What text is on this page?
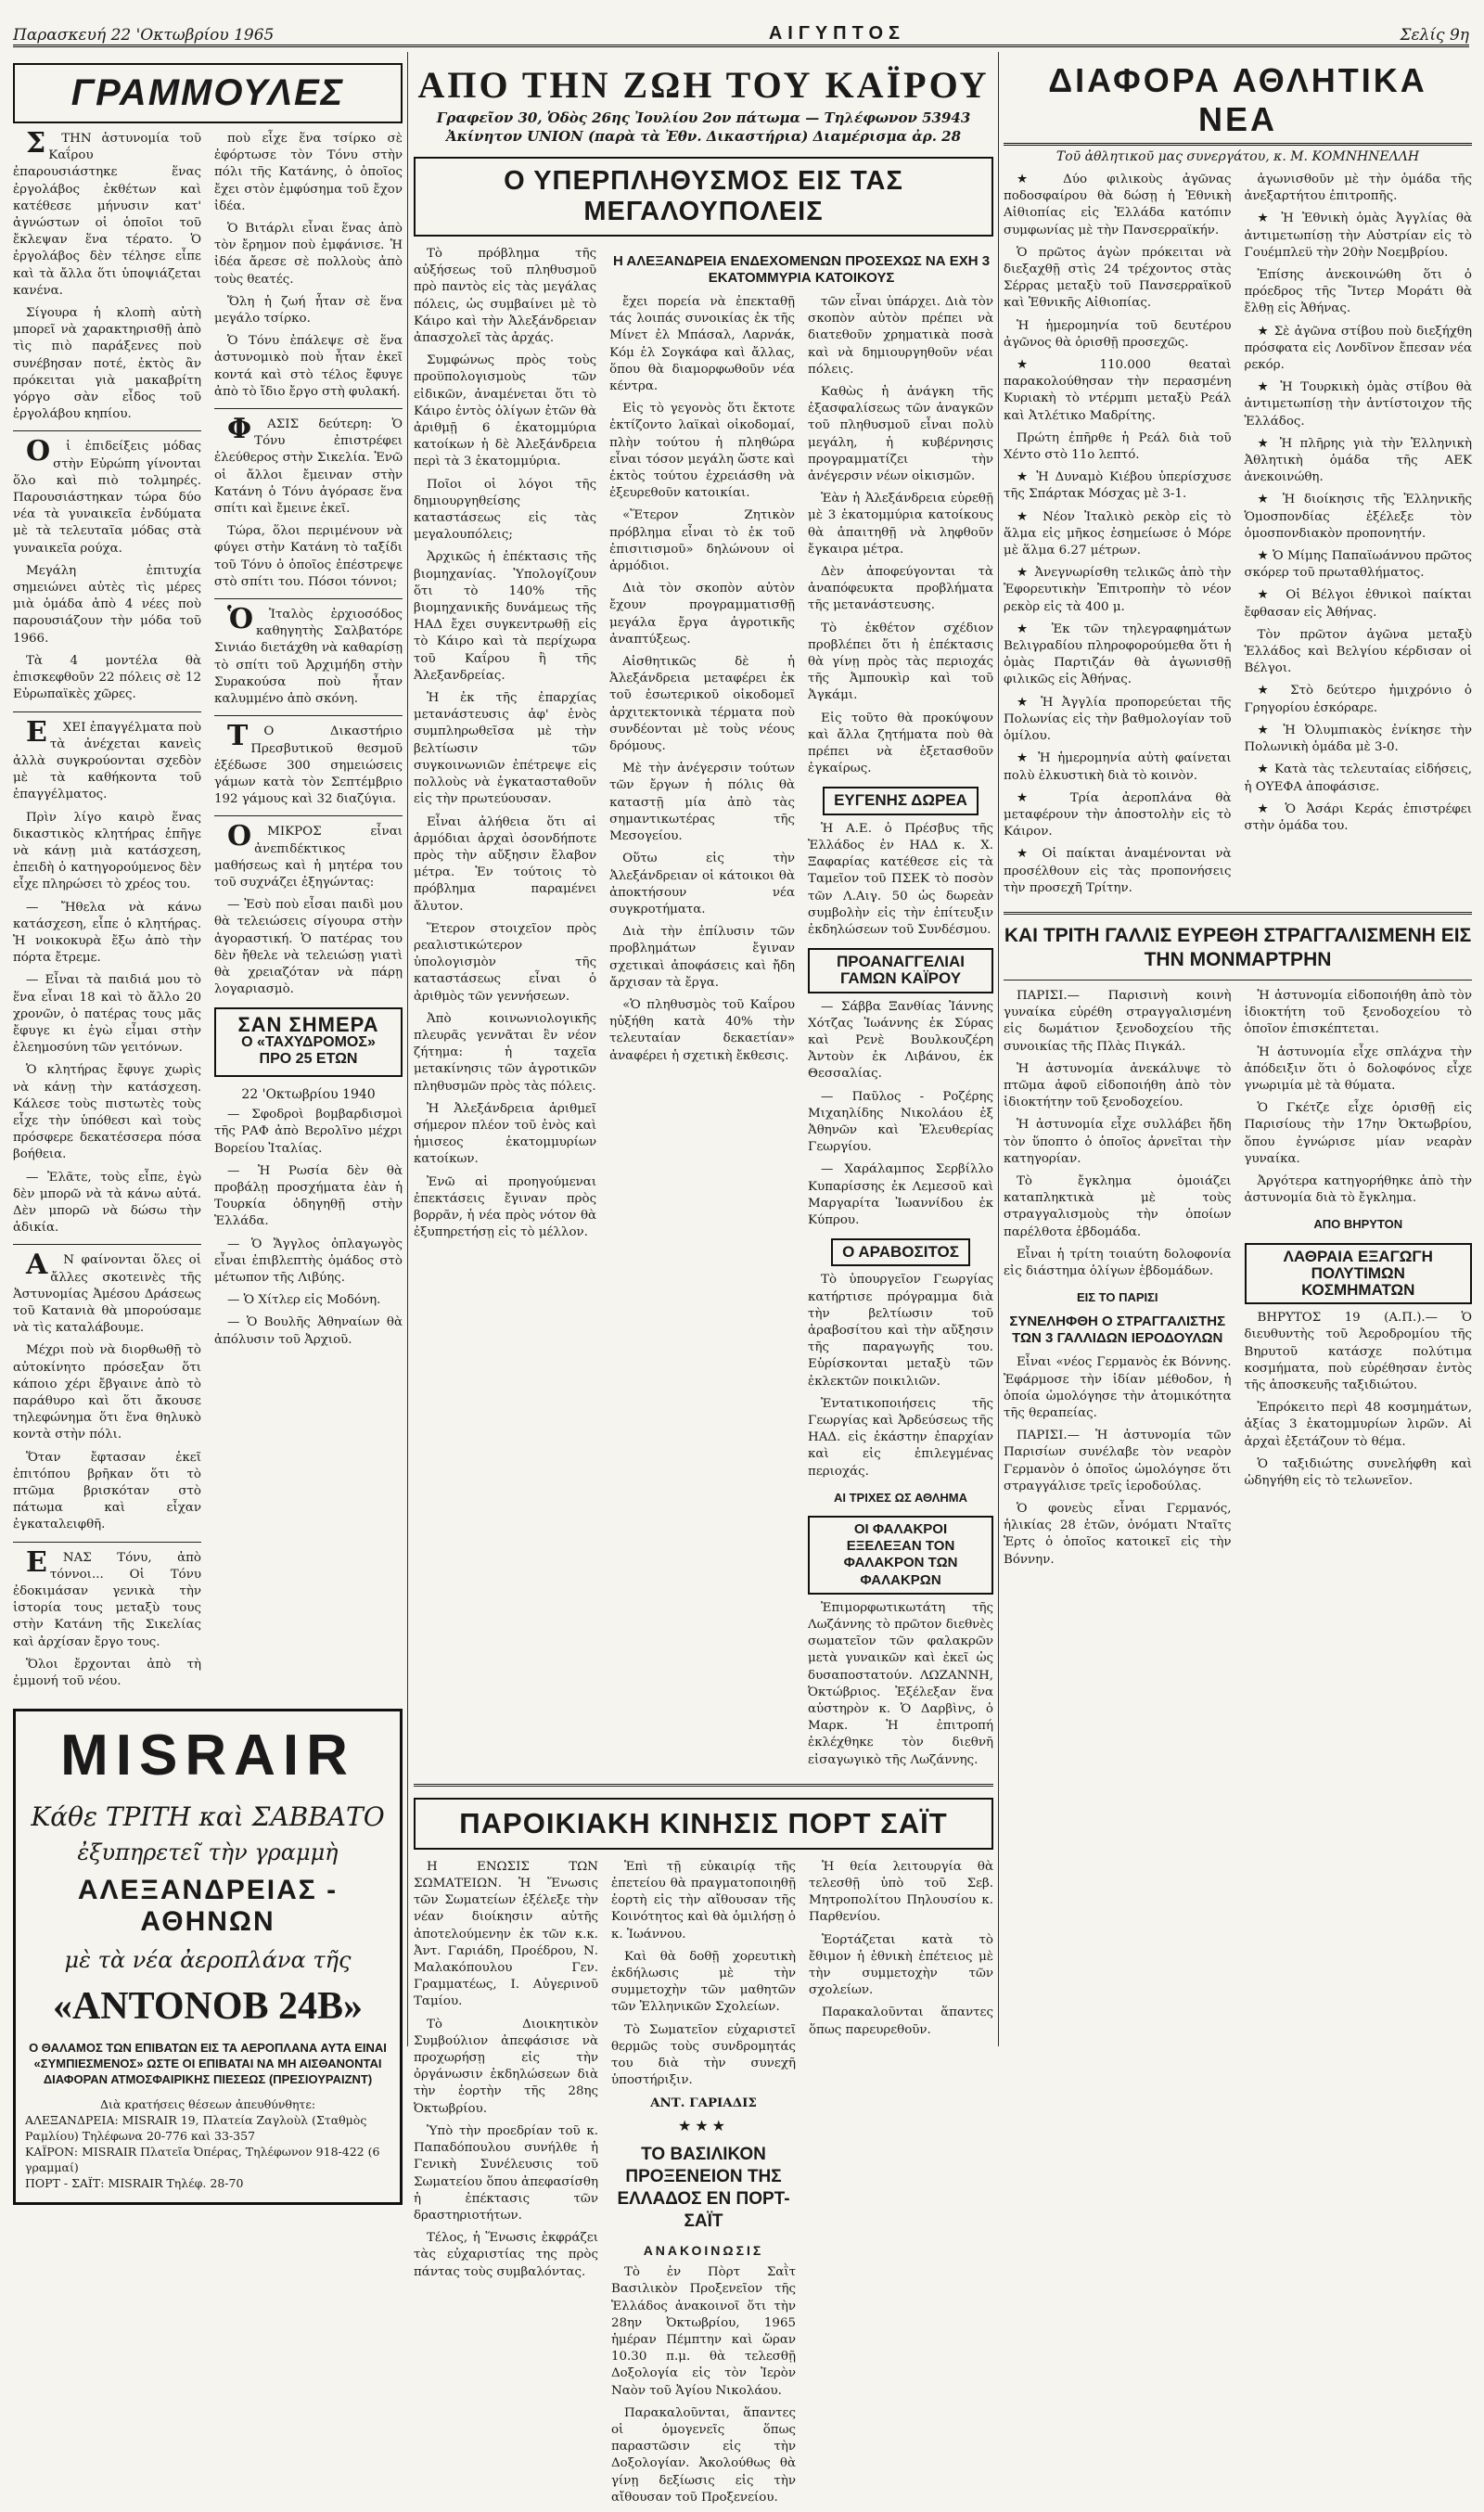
Παρασκευή 22 'Οκτωβρίου 1965	ΑΙΓΥΠΤΟΣ	Σελίς 9η
ΓΡΑΜΜΟΥΛΕΣ

ΣΤΗΝ ἀστυνομία τοῦ Καΐρου ἐπαρουσιάστηκε ἕνας ἐργολάβος ἐκθέτων καὶ κατέθεσε μήνυσιν κατ' ἀγνώστων οἱ ὁποῖοι τοῦ ἔκλεψαν ἕνα τέρατο. Ὁ ἐργολάβος δὲν τέλησε εἶπε καὶ τὰ ἄλλα ὅτι ὑποψιάζεται κανένα.

Σίγουρα ἡ κλοπὴ αὐτὴ μπορεῖ νὰ χαρακτηρισθῇ ἀπὸ τὶς πιὸ παράξενες ποὺ συνέβησαν ποτέ, ἐκτὸς ἂν πρόκειται γιὰ μακαβρίτη γόργο σὰν εἶδος τοῦ ἐργολάβου κηπίου.

Οἱ ἐπιδείξεις μόδας στὴν Εὐρώπη γίνονται ὅλο καὶ πιὸ τολμηρές. Παρουσιάστηκαν τώρα δύο νέα τὰ γυναικεῖα ἐνδύματα μὲ τὰ τελευταῖα μόδας στὰ γυναικεῖα ρούχα.

Μεγάλη ἐπιτυχία σημειώνει αὐτὲς τὶς μέρες μιὰ ὁμάδα ἀπὸ 4 νέες ποὺ παρουσιάζουν τὴν μόδα τοῦ 1966.

Τὰ 4 μοντέλα θὰ ἐπισκεφθοῦν 22 πόλεις σὲ 12 Εὐρωπαϊκὲς χῶρες.

ΕΧΕΙ ἐπαγγέλματα ποὺ τὰ ἀνέχεται κανεὶς ἀλλὰ συγκρούονται σχεδὸν μὲ τὰ καθήκοντα τοῦ ἐπαγγέλματος.

Πρὶν λίγο καιρὸ ἕνας δικαστικὸς κλητήρας ἐπῆγε νὰ κάνῃ μιὰ κατάσχεση, ἐπειδὴ ὁ κατηγορούμενος δὲν εἶχε πληρώσει τὸ χρέος του.

— Ἤθελα νὰ κάνω κατάσχεση, εἶπε ὁ κλητήρας. Ἡ νοικοκυρὰ ἔξω ἀπὸ τὴν πόρτα ἔτρεμε.

— Εἶναι τὰ παιδιά μου τὸ ἕνα εἶναι 18 καὶ τὸ ἄλλο 20 χρονῶν, ὁ πατέρας τους μᾶς ἔφυγε κι ἐγὼ εἶμαι στὴν ἐλεημοσύνη τῶν γειτόνων.

Ὁ κλητήρας ἔφυγε χωρὶς νὰ κάνῃ τὴν κατάσχεση. Κάλεσε τοὺς πιστωτὲς τοὺς εἶχε τὴν ὑπόθεσι καὶ τοὺς πρόσφερε δεκατέσσερα πόσα βοήθεια.

— Ἐλᾶτε, τοὺς εἶπε, ἐγὼ δὲν μπορῶ νὰ τὰ κάνω αὐτά. Δὲν μπορῶ νὰ δώσω τὴν ἀδικία.

ΑΝ φαίνονται ὅλες οἱ ἄλλες σκοτεινὲς τῆς Ἀστυνομίας Ἀμέσου Δράσεως τοῦ Κατανιὰ θὰ μπορούσαμε νὰ τὶς καταλάβουμε.

Μέχρι ποὺ νὰ διορθωθῇ τὸ αὐτοκίνητο πρόσεξαν ὅτι κάποιο χέρι ἔβγαινε ἀπὸ τὸ παράθυρο καὶ ὅτι ἄκουσε τηλεφώνημα ὅτι ἕνα θηλυκὸ κοντὰ στὴν πόλι.

Ὅταν ἔφτασαν ἐκεῖ ἐπιτόπου βρῆκαν ὅτι τὸ πτῶμα βρισκόταν στὸ πάτωμα καὶ εἶχαν ἐγκαταλειφθῆ.

ΕΝΑΣ Τόνυ, ἀπὸ τόννοι... Οἱ Τόνυ ἐδοκιμάσαν γενικὰ τὴν ἱστορία τους μεταξὺ τους στὴν Κατάνη τῆς Σικελίας καὶ ἀρχίσαν ἔργο τους.

Ὅλοι ἔρχονται ἀπὸ τὴ ἐμμονή τοῦ νέου.

ποὺ εἶχε ἕνα τσίρκο σὲ ἐφόρτωσε τὸν Τόνυ στὴν πόλι τῆς Κατάνης, ὁ ὁποῖος ἔχει στὸν ἐμφύσημα τοῦ ἔχον ἰδέα.

Ὁ Βιτάρλι εἶναι ἕνας ἀπὸ τὸν ἔρημον ποὺ ἐμφάνισε. Ἡ ἰδέα ἄρεσε σὲ πολλοὺς ἀπὸ τοὺς θεατές.

Ὅλη ἡ ζωή ἦταν σὲ ἕνα μεγάλο τσίρκο.

Ὁ Τόνυ ἐπάλεψε σὲ ἕνα ἀστυνομικὸ ποὺ ἦταν ἐκεῖ κοντά καὶ στὸ τέλος ἔφυγε ἀπὸ τὸ ἴδιο ἔργο στὴ φυλακή.

ΦΑΣΙΣ δεύτερη: Ὁ Τόνυ ἐπιστρέφει ἐλεύθερος στὴν Σικελία. Ἐνῶ οἱ ἄλλοι ἔμειναν στὴν Κατάνη ὁ Τόνυ ἀγόρασε ἕνα σπίτι καὶ ἔμεινε ἐκεῖ.

Τώρα, ὅλοι περιμένουν νὰ φύγει στὴν Κατάνη τὸ ταξίδι τοῦ Τόνυ ὁ ὁποῖος ἐπέστρεψε στὸ σπίτι του. Πόσοι τόννοι;

ὉἸταλὸς ἐρχιοσόδος καθηγητὴς Σαλβατόρε Σινιάο διετάχθη νὰ καθαρίσῃ τὸ σπίτι τοῦ Ἀρχιμήδη στὴν Συρακούσα ποὺ ἦταν καλυμμένο ἀπὸ σκόνη.

ΤΟ Δικαστήριο Πρεσβυτικοῦ θεσμοῦ ἐξέδωσε 300 σημειώσεις γάμων κατὰ τὸν Σεπτέμβριο 192 γάμους καὶ 32 διαζύγια.

ΟΜΙΚΡΟΣ εἶναι ἀνεπιδέκτικος μαθήσεως καὶ ἡ μητέρα του τοῦ συχνάζει ἐξηγώντας:

— Ἐσὺ ποὺ εἶσαι παιδὶ μου θὰ τελειώσεις σίγουρα στὴν ἁγοραστική. Ὁ πατέρας του δὲν ἤθελε νὰ τελειώσῃ γιατὶ θὰ χρειαζόταν νὰ πάρῃ λογαριασμὸ.

ΣΑΝ ΣΗΜΕΡΑ
Ο «ΤΑΧΥΔΡΟΜΟΣ» ΠΡΟ 25 ΕΤΩΝ
22 'Οκτωβρίου 1940

— Σφοδροὶ βομβαρδισμοὶ τῆς ΡΑΦ ἀπὸ Βερολῖνο μέχρι Βορείου Ἰταλίας.

— Ἡ Ρωσία δὲν θὰ προβάλῃ προσχήματα ἐὰν ἡ Τουρκία ὁδηγηθῇ στὴν Ἑλλάδα.

— Ὁ Ἄγγλος ὀπλαγωγὸς εἶναι ἐπιβλεπτὴς ὁμάδος στὸ μέτωπον τῆς Λιβύης.

— Ὁ Χίτλερ εἰς Μοδόνη.

— Ὁ Βουλῆς Ἀθηναίων θὰ ἀπόλυσιν τοῦ Ἀρχιοῦ.

MISRAIR
Κάθε ΤΡΙΤΗ καὶ ΣΑΒΒΑΤΟ
ἐξυπηρετεῖ τὴν γραμμὴ
ΑΛΕΞΑΝΔΡΕΙΑΣ - ΑΘΗΝΩΝ
μὲ τὰ νέα ἀεροπλάνα τῆς
«ΑΝΤΟΝΟΒ 24Β»
Ο ΘΑΛΑΜΟΣ ΤΩΝ ΕΠΙΒΑΤΩΝ ΕΙΣ ΤΑ ΑΕΡΟΠΛΑΝΑ ΑΥΤΑ ΕΙΝΑΙ «ΣΥΜΠΙΕΣΜΕΝΟΣ» ΩΣΤΕ ΟΙ ΕΠΙΒΑΤΑΙ ΝΑ ΜΗ ΑΙΣΘΑΝΟΝΤΑΙ ΔΙΑΦΟΡΑΝ ΑΤΜΟΣΦΑΙΡΙΚΗΣ ΠΙΕΣΕΩΣ (ΠΡΕΣΙΟΥΡΑΙΖΝΤ)
Διὰ κρατήσεις θέσεων ἀπευθύνθητε:
ΑΛΕΞΑΝΔΡΕΙΑ: MISRAIR 19, Πλατεία Ζαγλοὺλ (Σταθμὸς Ραμλίου) Τηλέφωνα 20-776 καὶ 33-357
ΚΑΪΡΟΝ: MISRAIR Πλατεῖα Ὀπέρας, Τηλέφωνον 918-422 (6 γραμμαί)
ΠΟΡΤ - ΣΑΪΤ: MISRAIR Τηλέφ. 28-70
ΑΠΟ ΤΗΝ ΖΩΗ ΤΟΥ ΚΑΪΡΟΥ
Γραφεῖον 30, Ὁδὸς 26ης Ἰουλίου 2ον πάτωμα — Τηλέφωνον 53943
Ἀκίνητον UNION (παρὰ τὰ Ἐθν. Δικαστήρια) Διαμέρισμα ἀρ. 28
Ο ΥΠΕΡΠΛΗΘΥΣΜΟΣ ΕΙΣ ΤΑΣ ΜΕΓΑΛΟΥΠΟΛΕΙΣ

Τὸ πρόβλημα τῆς αὐξήσεως τοῦ πληθυσμοῦ πρὸ παντὸς εἰς τὰς μεγάλας πόλεις, ὡς συμβαίνει μὲ τὸ Κάιρο καὶ τὴν Ἀλεξάνδρειαν ἀπασχολεῖ τὰς ἀρχάς.

Συμφώνως πρὸς τοὺς προϋπολογισμοὺς τῶν εἰδικῶν, ἀναμένεται ὅτι τὸ Κάιρο ἐντὸς ὀλίγων ἐτῶν θὰ ἀριθμῇ 6 ἑκατομμύρια κατοίκων ἡ δὲ Ἀλεξάνδρεια περὶ τὰ 3 ἑκατομμύρια.

Ποῖοι οἱ λόγοι τῆς δημιουργηθείσης καταστάσεως εἰς τὰς μεγαλουπόλεις;

Ἀρχικῶς ἡ ἐπέκτασις τῆς βιομηχανίας. Ὑπολογίζουν ὅτι τὸ 140% τῆς βιομηχανικῆς δυνάμεως τῆς ΗΑΔ ἔχει συγκεντρωθῇ εἰς τὸ Κάιρο καὶ τὰ περίχωρα τοῦ Καΐρου ἢ τῆς Ἀλεξανδρείας.

Ἡ ἐκ τῆς ἐπαρχίας μετανάστευσις ἀφ' ἑνὸς συμπληρωθεῖσα μὲ τὴν βελτίωσιν τῶν συγκοινωνιῶν ἐπέτρεψε εἰς πολλοὺς νὰ ἐγκατασταθοῦν εἰς τὴν πρωτεύουσαν.

Εἶναι ἀλήθεια ὅτι αἱ ἁρμόδιαι ἀρχαὶ ὁσονδήποτε πρὸς τὴν αὔξησιν ἔλαβον μέτρα. Ἐν τούτοις τὸ πρόβλημα παραμένει ἄλυτον.

Ἕτερον στοιχεῖον πρὸς ρεαλιστικώτερον ὑπολογισμὸν τῆς καταστάσεως εἶναι ὁ ἀριθμὸς τῶν γεννήσεων.

Ἀπὸ κοινωνιολογικῆς πλευρᾶς γεννᾶται ἓν νέον ζήτημα: ἡ ταχεῖα μετακίνησις τῶν ἀγροτικῶν πληθυσμῶν πρὸς τὰς πόλεις.

Ἡ Ἀλεξάνδρεια ἀριθμεῖ σήμερον πλέον τοῦ ἑνὸς καὶ ἡμισεος ἑκατομμυρίων κατοίκων.

Ἐνῶ αἱ προηγούμεναι ἐπεκτάσεις ἔγιναν πρὸς βορρᾶν, ἡ νέα πρὸς νότον θὰ ἐξυπηρετήσῃ εἰς τὸ μέλλον.

Η ΑΛΕΞΑΝΔΡΕΙΑ ΕΝΔΕΧΟΜΕΝΩΝ ΠΡΟΣΕΧΩΣ ΝΑ ΕΧΗ 3 ΕΚΑΤΟΜΜΥΡΙΑ ΚΑΤΟΙΚΟΥΣ

ἔχει πορεία νὰ ἐπεκταθῇ τάς λοιπάς συνοικίας ἐκ τῆς Μίνετ ἐλ Μπάσαλ, Λαρνάκ, Κόμ ἐλ Σογκάφα καὶ ἄλλας, ὅπου θὰ διαμορφωθοῦν νέα κέντρα.

Εἰς τὸ γεγονὸς ὅτι ἔκτοτε ἐκτίζοντο λαϊκαὶ οἰκοδομαί, πλὴν τούτου ἡ πληθώρα εἶναι τόσον μεγάλη ὥστε καὶ ἐκτὸς τούτου ἐχρειάσθη νὰ ἐξευρεθοῦν κατοικίαι.

«Ἕτερον Ζητικὸν πρόβλημα εἶναι τὸ ἐκ τοῦ ἐπισιτισμοῦ» δηλώνουν οἱ ἁρμόδιοι.

Διὰ τὸν σκοπὸν αὐτὸν ἔχουν προγραμματισθῇ μεγάλα ἔργα ἀγροτικῆς ἀναπτύξεως.

Αἰσθητικῶς δὲ ἡ Ἀλεξάνδρεια μεταφέρει ἐκ τοῦ ἐσωτερικοῦ οἰκοδομεῖ ἀρχιτεκτονικὰ τέρματα ποὺ συνδέονται μὲ τοὺς νέους δρόμους.

Μὲ τὴν ἀνέγερσιν τούτων τῶν ἔργων ἡ πόλις θὰ καταστῇ μία ἀπὸ τὰς σημαντικωτέρας τῆς Μεσογείου.

Οὕτω εἰς τὴν Ἀλεξάνδρειαν οἱ κάτοικοι θὰ ἀποκτήσουν νέα συγκροτήματα.

Διὰ τὴν ἐπίλυσιν τῶν προβλημάτων ἔγιναν σχετικαὶ ἀποφάσεις καὶ ἤδη ἄρχισαν τὰ ἔργα.

«Ὁ πληθυσμὸς τοῦ Καΐρου ηὐξήθη κατὰ 40% τὴν τελευταίαν δεκαετίαν» ἀναφέρει ἡ σχετικὴ ἔκθεσις.

τῶν εἶναι ὑπάρχει. Διὰ τὸν σκοπὸν αὐτὸν πρέπει νὰ διατεθοῦν χρηματικὰ ποσὰ καὶ νὰ δημιουργηθοῦν νέαι πόλεις.

Καθὼς ἡ ἀνάγκη τῆς ἐξασφαλίσεως τῶν ἀναγκῶν τοῦ πληθυσμοῦ εἶναι πολὺ μεγάλη, ἡ κυβέρνησις προγραμματίζει τὴν ἀνέγερσιν νέων οἰκισμῶν.

Ἐὰν ἡ Ἀλεξάνδρεια εὑρεθῇ μὲ 3 ἑκατομμύρια κατοίκους θὰ ἀπαιτηθῇ νὰ ληφθοῦν ἔγκαιρα μέτρα.

Δὲν ἀποφεύγονται τὰ ἀναπόφευκτα προβλήματα τῆς μετανάστευσης.

Τὸ ἐκθέτον σχέδιον προβλέπει ὅτι ἡ ἐπέκτασις θὰ γίνῃ πρὸς τὰς περιοχάς τῆς Ἀμπουκὶρ καὶ τοῦ Ἀγκάμι.

Εἰς τοῦτο θὰ προκύψουν καὶ ἄλλα ζητήματα ποὺ θὰ πρέπει νὰ ἐξετασθοῦν ἐγκαίρως.

ΕΥΓΕΝΗΣ ΔΩΡΕΑ

Ἡ Α.Ε. ὁ Πρέσβυς τῆς Ἑλλάδος ἐν ΗΑΔ κ. Χ. Ξαφαρίας κατέθεσε εἰς τὰ Ταμεῖον τοῦ ΠΣΕΚ τὸ ποσὸν τῶν Λ.Αιγ. 50 ὡς δωρεὰν συμβολὴν εἰς τὴν ἐπίτευξιν ἐκδηλώσεων τοῦ Συνδέσμου.

ΠΡΟΑΝΑΓΓΕΛΙΑΙ ΓΑΜΩΝ ΚΑΪΡΟΥ

— Σάββα Ξανθίας Ἰάννης Χότζας Ἰωάννης ἐκ Σύρας καὶ Ρενὲ Βουλκουζέρη Ἀντοὺν ἐκ Λιβάνου, ἐκ Θεσσαλίας.

— Παῦλος - Ροζέρης Μιχαηλίδης Νικολάου ἐξ Ἀθηνῶν καὶ Ἐλευθερίας Γεωργίου.

— Χαράλαμπος Σερβίλλο Κυπαρίσσης ἐκ Λεμεσοῦ καὶ Μαργαρίτα Ἰωαννίδου ἐκ Κύπρου.

Ο ΑΡΑΒΟΣΙΤΟΣ

Τὸ ὑπουργεῖον Γεωργίας κατήρτισε πρόγραμμα διὰ τὴν βελτίωσιν τοῦ ἀραβοσίτου καὶ τὴν αὔξησιν τῆς παραγωγῆς του. Εὑρίσκονται μεταξὺ τῶν ἐκλεκτῶν ποικιλιῶν.

Ἐντατικοποιήσεις τῆς Γεωργίας καὶ Ἀρδεύσεως τῆς ΗΑΔ. εἰς ἑκάστην ἐπαρχίαν καὶ εἰς ἐπιλεγμένας περιοχάς.

ΑΙ ΤΡΙΧΕΣ ΩΣ ΑΘΛΗΜΑ
ΟΙ ΦΑΛΑΚΡΟΙ ΕΞΕΛΕΞΑΝ ΤΟΝ ΦΑΛΑΚΡΟΝ ΤΩΝ ΦΑΛΑΚΡΩΝ

Ἐπιμορφωτικωτάτη τῆς Λωζάννης τὸ πρῶτον διεθνὲς σωματεῖον τῶν φαλακρῶν μετὰ γυναικῶν καὶ ἐκεῖ ὡς δυσαποστατούν. ΛΩΖΑΝΝΗ, Ὀκτώβριος. Ἐξέλεξαν ἕνα αὐστηρὸν κ. Ὁ Δαρβὶνς, ὁ Μαρκ. Ἡ ἐπιτροπή ἐκλέχθηκε τὸν διεθνῆ εἰσαγωγικὸ τῆς Λωζάννης.

ΠΑΡΟΙΚΙΑΚΗ ΚΙΝΗΣΙΣ ΠΟΡΤ ΣΑΪΤ

Η ΕΝΩΣΙΣ ΤΩΝ ΣΩΜΑΤΕΙΩΝ. Ἡ Ἕνωσις τῶν Σωματείων ἐξέλεξε τὴν νέαν διοίκησιν αὐτῆς ἀποτελούμενην ἐκ τῶν κ.κ. Ἀντ. Γαριάδη, Προέδρου, Ν. Μαλακόπουλου Γεν. Γραμματέως, Ι. Αὐγερινοῦ Ταμίου.

Τὸ Διοικητικὸν Συμβούλιον ἀπεφάσισε νὰ προχωρήσῃ εἰς τὴν ὀργάνωσιν ἐκδηλώσεων διὰ τὴν ἐορτὴν τῆς 28ης Ὀκτωβρίου.

Ὑπὸ τὴν προεδρίαν τοῦ κ. Παπαδόπουλου συνήλθε ἡ Γενικὴ Συνέλευσις τοῦ Σωματείου ὅπου ἀπεφασίσθη ἡ ἐπέκτασις τῶν δραστηριοτήτων.

Τέλος, ἡ Ἕνωσις ἐκφράζει τὰς εὐχαριστίας της πρὸς πάντας τοὺς συμβαλόντας.

Ἐπὶ τῇ εὐκαιρίᾳ τῆς ἐπετείου θὰ πραγματοποιηθῇ ἑορτὴ εἰς τὴν αἴθουσαν τῆς Κοινότητος καὶ θὰ ὁμιλήσῃ ὁ κ. Ἰωάννου.

Καὶ θὰ δοθῇ χορευτικὴ ἐκδήλωσις μὲ τὴν συμμετοχὴν τῶν μαθητῶν τῶν Ἑλληνικῶν Σχολείων.

Τὸ Σωματεῖον εὐχαριστεῖ θερμῶς τοὺς συνδρομητάς του διὰ τὴν συνεχῆ ὑποστήριξιν.

ΑΝΤ. ΓΑΡΙΑΔΙΣ
★★★
ΤΟ ΒΑΣΙΛΙΚΟΝ ΠΡΟΞΕΝΕΙΟΝ ΤΗΣ ΕΛΛΑΔΟΣ ΕΝ ΠΟΡΤ-ΣΑΪΤ
ΑΝΑΚΟΙΝΩΣΙΣ

Τὸ ἐν Πὸρτ Σαῒτ Βασιλικὸν Προξενεῖον τῆς Ἑλλάδος ἀνακοινοῖ ὅτι τὴν 28ην Ὀκτωβρίου, 1965 ἡμέραν Πέμπτην καὶ ὥραν 10.30 π.μ. θὰ τελεσθῇ Δοξολογία εἰς τὸν Ἱερὸν Ναὸν τοῦ Ἁγίου Νικολάου.

Παρακαλοῦνται, ἅπαντες οἱ ὁμογενεῖς ὅπως παραστῶσιν εἰς τὴν Δοξολογίαν. Ἀκολούθως θὰ γίνῃ δεξίωσις εἰς τὴν αἴθουσαν τοῦ Προξενείου.

Ἡ θεία λειτουργία θὰ τελεσθῇ ὑπὸ τοῦ Σεβ. Μητροπολίτου Πηλουσίου κ. Παρθενίου.

Ἑορτάζεται κατὰ τὸ ἔθιμον ἡ ἐθνικὴ ἐπέτειος μὲ τὴν συμμετοχὴν τῶν σχολείων.

Παρακαλοῦνται ἅπαντες ὅπως παρευρεθοῦν.

ΔΙΑΦΟΡΑ ΑΘΛΗΤΙΚΑ ΝΕΑ
Τοῦ ἀθλητικοῦ μας συνεργάτου, κ. Μ. ΚΟΜΝΗΝΕΛΛΗ

★ Δύο φιλικοὺς ἀγῶνας ποδοσφαίρου θὰ δώσῃ ἡ Ἐθνικὴ Αἰθιοπίας εἰς Ἑλλάδα κατόπιν συμφωνίας μὲ τὴν Πανσερραϊκήν.

Ὁ πρῶτος ἀγὼν πρόκειται νὰ διεξαχθῇ στὶς 24 τρέχοντος στὰς Σέρρας μεταξὺ τοῦ Πανσερραϊκοῦ καὶ Ἐθνικῆς Αἰθιοπίας.

Ἡ ἡμερομηνία τοῦ δευτέρου ἀγῶνος θὰ ὁρισθῇ προσεχῶς.

★ 110.000 θεαταὶ παρακολούθησαν τὴν περασμένη Κυριακὴ τὸ ντέρμπι μεταξὺ Ρεάλ καὶ Ἀτλέτικο Μαδρίτης.

Πρώτη ἐπῆρθε ἡ Ρεάλ διὰ τοῦ Χέντο στὸ 11ο λεπτό.

★ Ἡ Δυναμὸ Κιέβου ὑπερίσχυσε τῆς Σπάρτακ Μόσχας μὲ 3-1.

★ Νέον Ἰταλικὸ ρεκὸρ εἰς τὸ ἅλμα εἰς μῆκος ἐσημείωσε ὁ Μόρε μὲ ἅλμα 6.27 μέτρων.

★ Ἀνεγνωρίσθη τελικῶς ἀπὸ τὴν Ἐφορευτικὴν Ἐπιτροπὴν τὸ νέον ρεκὸρ εἰς τὰ 400 μ.

★ Ἐκ τῶν τηλεγραφημάτων Βελιγραδίου πληροφορούμεθα ὅτι ἡ ὁμὰς Παρτιζάν θὰ ἀγωνισθῇ φιλικῶς εἰς Ἀθήνας.

★ Ἡ Ἀγγλία προπορεύεται τῆς Πολωνίας εἰς τὴν βαθμολογίαν τοῦ ὁμίλου.

★ Ἡ ἡμερομηνία αὐτὴ φαίνεται πολὺ ἐλκυστικὴ διὰ τὸ κοινὸν.

★ Τρία ἀεροπλάνα θὰ μεταφέρουν τὴν ἀποστολὴν εἰς τὸ Κάιρον.

★ Οἱ παίκται ἀναμένονται νὰ προσέλθουν εἰς τὰς προπονήσεις τὴν προσεχῆ Τρίτην.

ἀγωνισθοῦν μὲ τὴν ὁμάδα τῆς ἀνεξαρτήτου ἐπιτροπῆς.

★ Ἡ Ἐθνικὴ ὁμὰς Ἀγγλίας θὰ ἀντιμετωπίσῃ τὴν Αὐστρίαν εἰς τὸ Γουέμπλεϋ τὴν 20ὴν Νοεμβρίου.

Ἐπίσης ἀνεκοινώθη ὅτι ὁ πρόεδρος τῆς Ἴντερ Μοράτι θὰ ἔλθῃ εἰς Ἀθήνας.

★ Σὲ ἀγῶνα στίβου ποὺ διεξήχθη πρόσφατα εἰς Λονδῖνον ἔπεσαν νέα ρεκόρ.

★ Ἡ Τουρκικὴ ὁμὰς στίβου θὰ ἀντιμετωπίσῃ τὴν ἀντίστοιχον τῆς Ἑλλάδος.

★ Ἡ πλῆρης γιὰ τὴν Ἑλληνικὴ Ἀθλητικὴ ὁμάδα τῆς ΑΕΚ ἀνεκοινώθη.

★ Ἡ διοίκησις τῆς Ἑλληνικῆς Ὁμοσπονδίας ἐξέλεξε τὸν ὁμοσπονδιακὸν προπονητήν.

★ Ὁ Μίμης Παπαϊωάννου πρῶτος σκόρερ τοῦ πρωταθλήματος.

★ Οἱ Βέλγοι ἐθνικοὶ παίκται ἔφθασαν εἰς Ἀθήνας.

Τὸν πρῶτον ἀγῶνα μεταξὺ Ἑλλάδος καὶ Βελγίου κέρδισαν οἱ Βέλγοι.

★ Στὸ δεύτερο ἡμιχρόνιο ὁ Γρηγορίου ἐσκόραρε.

★ Ἡ Ὀλυμπιακὸς ἐνίκησε τὴν Πολωνικὴ ὁμάδα μὲ 3-0.

★ Κατὰ τὰς τελευταίας εἰδήσεις, ἡ ΟΥΕΦΑ ἀποφάσισε.

★ Ὁ Ἀσάρι Κεράς ἐπιστρέφει στὴν ὁμάδα του.

ΚΑΙ ΤΡΙΤΗ ΓΑΛΛΙΣ ΕΥΡΕΘΗ ΣΤΡΑΓΓΑΛΙΣΜΕΝΗ ΕΙΣ ΤΗΝ ΜΟΝΜΑΡΤΡΗΝ

ΠΑΡΙΣΙ.— Παρισινὴ κοινὴ γυναίκα εὑρέθη στραγγαλισμένη εἰς δωμάτιον ξενοδοχείου τῆς συνοικίας τῆς Πλὰς Πιγκάλ.

Ἡ ἀστυνομία ἀνεκάλυψε τὸ πτῶμα ἀφοῦ εἰδοποιήθη ἀπὸ τὸν ἰδιοκτήτην τοῦ ξενοδοχείου.

Ἡ ἀστυνομία εἶχε συλλάβει ἤδη τὸν ὕποπτο ὁ ὁποῖος ἀρνεῖται τὴν κατηγορίαν.

Τὸ ἔγκλημα ὁμοιάζει καταπληκτικὰ μὲ τοὺς στραγγαλισμοὺς τὴν ὁποίων παρέλθοτα ἑβδομάδα.

Εἶναι ἡ τρίτη τοιαύτη δολοφονία εἰς διάστημα ὀλίγων ἑβδομάδων.

ΕΙΣ ΤΟ ΠΑΡΙΣΙ
ΣΥΝΕΛΗΦΘΗ Ο ΣΤΡΑΓΓΑΛΙΣΤΗΣ ΤΩΝ 3 ΓΑΛΛΙΔΩΝ ΙΕΡΟΔΟΥΛΩΝ

Εἶναι «νέος Γερμανὸς ἐκ Βόννης. Ἐφάρμοσε τὴν ἰδίαν μέθοδον, ἡ ὁποία ὡμολόγησε τὴν ἀτομικότητα τῆς θεραπείας.

ΠΑΡΙΣΙ.— Ἡ ἀστυνομία τῶν Παρισίων συνέλαβε τὸν νεαρὸν Γερμανὸν ὁ ὁποῖος ὡμολόγησε ὅτι στραγγάλισε τρεῖς ἱεροδούλας.

Ὁ φονεὺς εἶναι Γερμανός, ἡλικίας 28 ἐτῶν, ὀνόματι Νταῖτς Ἑρτς ὁ ὁποῖος κατοικεῖ εἰς τὴν Βόννην.

Ἡ ἀστυνομία εἰδοποιήθη ἀπὸ τὸν ἰδιοκτήτη τοῦ ξενοδοχείου τὸ ὁποῖον ἐπισκέπτεται.

Ἡ ἀστυνομία εἶχε σπλάχνα τὴν ἀπόδειξιν ὅτι ὁ δολοφόνος εἶχε γνωριμία μὲ τὰ θύματα.

Ὁ Γκέτζε εἶχε ὁρισθῇ εἰς Παρισίους τὴν 17ην Ὀκτωβρίου, ὅπου ἐγνώρισε μίαν νεαρὰν γυναίκα.

Ἀργότερα κατηγορήθηκε ἀπὸ τὴν ἀστυνομία διὰ τὸ ἔγκλημα.

ΑΠΟ ΒΗΡΥΤΟΝ
ΛΑΘΡΑΙΑ ΕΞΑΓΩΓΗ ΠΟΛΥΤΙΜΩΝ ΚΟΣΜΗΜΑΤΩΝ

ΒΗΡΥΤΟΣ 19 (Α.Π.).— Ὁ διευθυντὴς τοῦ Ἀεροδρομίου τῆς Βηρυτοῦ κατάσχε πολύτιμα κοσμήματα, ποὺ εὑρέθησαν ἐντὸς τῆς ἀποσκευῆς ταξιδιώτου.

Ἐπρόκειτο περὶ 48 κοσμημάτων, ἀξίας 3 ἑκατομμυρίων λιρῶν. Αἱ ἀρχαὶ ἐξετάζουν τὸ θέμα.

Ὁ ταξιδιώτης συνελήφθη καὶ ὡδηγήθη εἰς τὸ τελωνεῖον.
